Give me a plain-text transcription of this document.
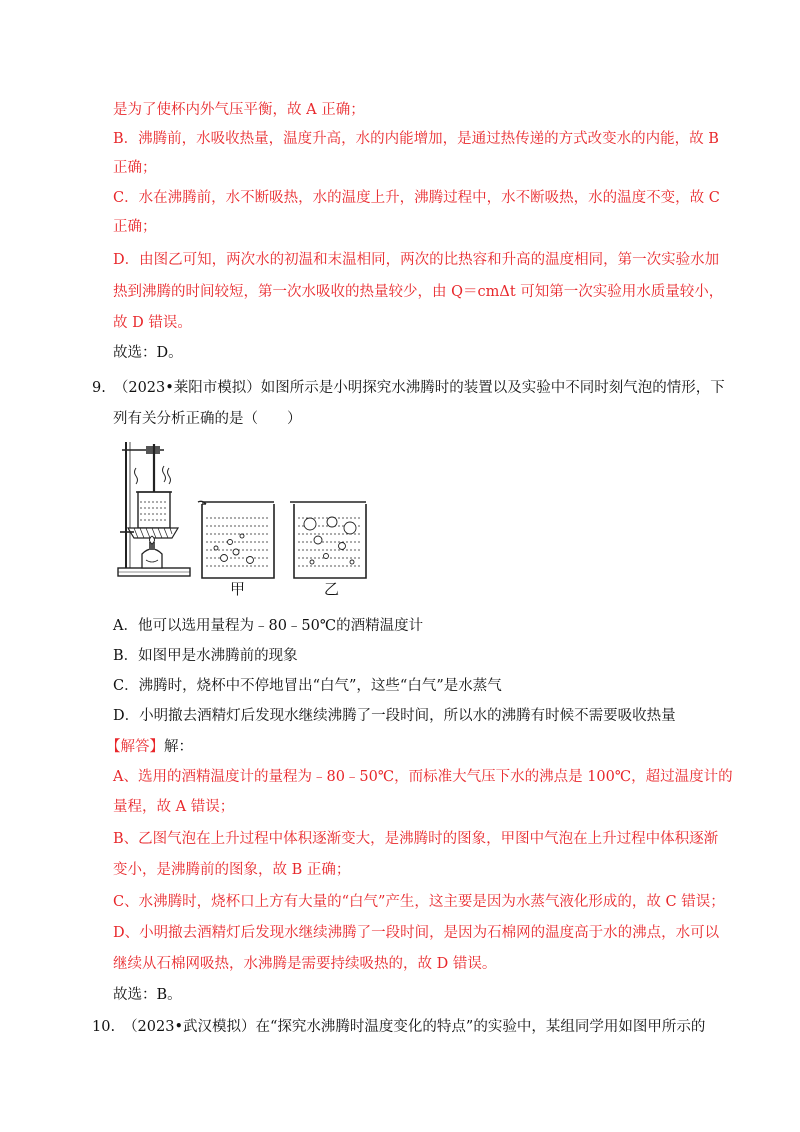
是为了使杯内外气压平衡，故 A 正确；
B．沸腾前，水吸收热量，温度升高，水的内能增加，是通过热传递的方式改变水的内能，故 B
正确；
C．水在沸腾前，水不断吸热，水的温度上升，沸腾过程中，水不断吸热，水的温度不变，故 C
正确；
D．由图乙可知，两次水的初温和末温相同，两次的比热容和升高的温度相同，第一次实验水加
热到沸腾的时间较短，第一次水吸收的热量较少，由 Q＝cmΔt 可知第一次实验用水质量较小，
故 D 错误。
故选：D。
9. （2023•莱阳市模拟）如图所示是小明探究水沸腾时的装置以及实验中不同时刻气泡的情形，下
列有关分析正确的是（　　）
甲	乙
A．他可以选用量程为﹣80﹣50℃的酒精温度计
B．如图甲是水沸腾前的现象
C．沸腾时，烧杯中不停地冒出“白气”，这些“白气”是水蒸气
D．小明撤去酒精灯后发现水继续沸腾了一段时间，所以水的沸腾有时候不需要吸收热量
【解答】解：
A、选用的酒精温度计的量程为﹣80﹣50℃，而标准大气压下水的沸点是 100℃，超过温度计的
量程，故 A 错误；
B、乙图气泡在上升过程中体积逐渐变大，是沸腾时的图象，甲图中气泡在上升过程中体积逐渐
变小，是沸腾前的图象，故 B 正确；
C、水沸腾时，烧杯口上方有大量的“白气”产生，这主要是因为水蒸气液化形成的，故 C 错误；
D、小明撤去酒精灯后发现水继续沸腾了一段时间，是因为石棉网的温度高于水的沸点，水可以
继续从石棉网吸热，水沸腾是需要持续吸热的，故 D 错误。
故选：B。
10. （2023•武汉模拟）在“探究水沸腾时温度变化的特点”的实验中，某组同学用如图甲所示的
